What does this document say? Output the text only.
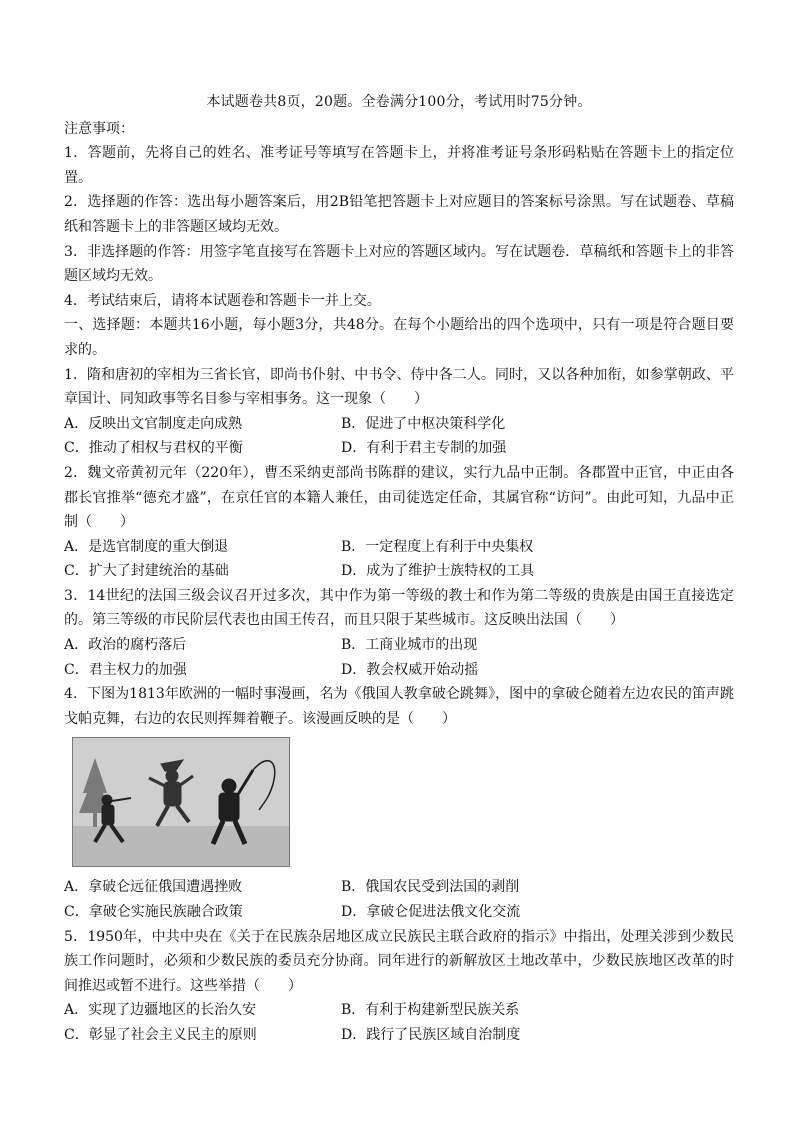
本试题卷共8页，20题。全卷满分100分，考试用时75分钟。

注意事项：

1．答题前，先将自己的姓名、准考证号等填写在答题卡上，并将准考证号条形码粘贴在答题卡上的指定位置。

2．选择题的作答：选出每小题答案后，用2B铅笔把答题卡上对应题目的答案标号涂黑。写在试题卷、草稿纸和答题卡上的非答题区域均无效。

3．非选择题的作答：用签字笔直接写在答题卡上对应的答题区域内。写在试题卷．草稿纸和答题卡上的非答题区域均无效。

4．考试结束后，请将本试题卷和答题卡一并上交。

一、选择题：本题共16小题，每小题3分，共48分。在每个小题给出的四个选项中，只有一项是符合题目要求的。

1．隋和唐初的宰相为三省长官，即尚书仆射、中书令、侍中各二人。同时，又以各种加衔，如参掌朝政、平章国计、同知政事等名目参与宰相事务。这一现象（　　）

A．反映出文官制度走向成熟	B．促进了中枢决策科学化
C．推动了相权与君权的平衡	D．有利于君主专制的加强

2．魏文帝黄初元年（220年），曹丕采纳吏部尚书陈群的建议，实行九品中正制。各郡置中正官，中正由各郡长官推举“德充才盛”，在京任官的本籍人兼任，由司徒选定任命，其属官称“访问”。由此可知，九品中正制（　　）

A．是选官制度的重大倒退	B．一定程度上有利于中央集权
C．扩大了封建统治的基础	D．成为了维护士族特权的工具

3．14世纪的法国三级会议召开过多次，其中作为第一等级的教士和作为第二等级的贵族是由国王直接选定的。第三等级的市民阶层代表也由国王传召，而且只限于某些城市。这反映出法国（　　）

A．政治的腐朽落后	B．工商业城市的出现
C．君主权力的加强	D．教会权威开始动摇

4．下图为1813年欧洲的一幅时事漫画，名为《俄国人教拿破仑跳舞》，图中的拿破仑随着左边农民的笛声跳戈帕克舞，右边的农民则挥舞着鞭子。该漫画反映的是（　　）

A．拿破仑远征俄国遭遇挫败	B．俄国农民受到法国的剥削
C．拿破仑实施民族融合政策	D．拿破仑促进法俄文化交流

5．1950年，中共中央在《关于在民族杂居地区成立民族民主联合政府的指示》中指出，处理关涉到少数民族工作问题时，必须和少数民族的委员充分协商。同年进行的新解放区土地改革中，少数民族地区改革的时间推迟或暂不进行。这些举措（　　）

A．实现了边疆地区的长治久安	B．有利于构建新型民族关系
C．彰显了社会主义民主的原则	D．践行了民族区域自治制度
